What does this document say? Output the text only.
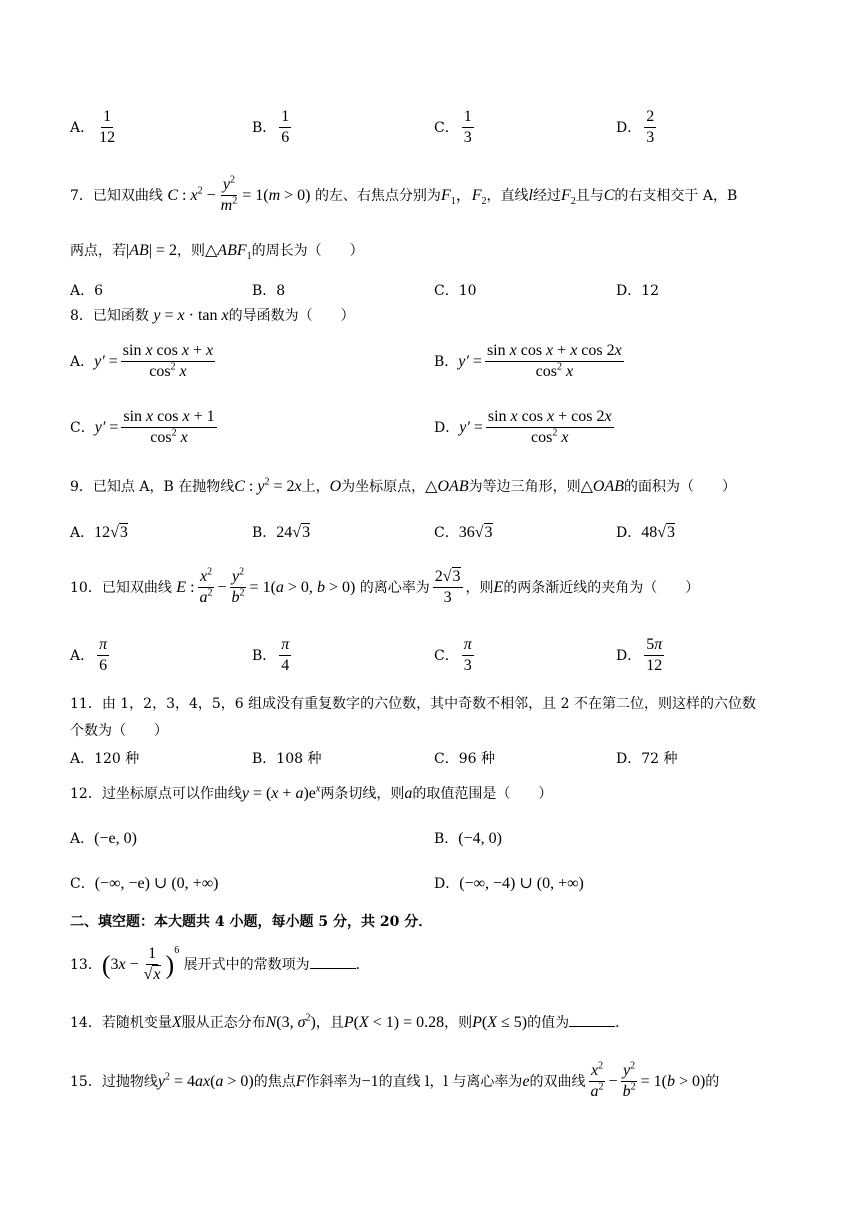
A． $\frac{1}{12}$	B． $\frac{1}{6}$	C． $\frac{1}{3}$	D． $\frac{2}{3}$
7．已知双曲线 C : $x^2 - \frac{y^2}{m^2} = 1(m > 0)$ 的左、右焦点分别为$F_1$，$F_2$，直线l经过$F_2$且与C的右支相交于 A，B
两点，若|AB| = 2，则$\triangle ABF_1$的周长为（　　）
A．6	B．8	C．10	D．12
8．已知函数 y = x · tan x的导函数为（　　）
A．$y' = \frac{\text{sin x cos x + x}}{\cos^2 x}$	B．$y' = \frac{\text{sin x cos x + x cos 2x}}{\cos^2 x}$
C．$y' = \frac{\text{sin x cos x + 1}}{\cos^2 x}$	D．$y' = \frac{\text{sin x cos x + cos 2x}}{\cos^2 x}$
9．已知点 A，B 在抛物线C : $y^2 = 2x$上，O为坐标原点，△OAB为等边三角形，则△OAB的面积为（　　）
A．12√3	B．24√3	C．36√3	D．48√3
10．已知双曲线 E : $\frac{x^2}{a^2} - \frac{y^2}{b^2} = 1(a > 0$, b > 0) 的离心率为 $\frac{2√3}{3}$ ，则E的两条渐近线的夹角为（　　）
A． $\frac{\pi}{6}$	B． $\frac{\pi}{4}$	C． $\frac{\pi}{3}$	D． $\frac{5\pi}{12}$
11．由 1，2，3，4，5，6 组成没有重复数字的六位数，其中奇数不相邻，且 2 不在第二位，则这样的六位数
个数为（　　）
A．120 种	B．108 种	C．96 种	D．72 种
12．过坐标原点可以作曲线$y = (x + a)e^x$两条切线，则a的取值范围是（　　）
A．(−e, 0)	B．(−4, 0)
C．(−∞, −e) ∪ (0, +∞)	D．(−∞, −4) ∪ (0, +∞)
二、填空题：本大题共 4 小题，每小题 5 分，共 20 分．
13．$(3x - \frac{1}{√x} )^6$ 展开式中的常数项为	．
14．若随机变量X服从正态分布N(3, $\sigma^2$)，且P(X < 1) = 0.28，则P(X ≤ 5)的值为	．
15．过抛物线$y^2 = 4ax(a > 0)$的焦点F作斜率为−1的直线 l，l 与离心率为e的双曲线 $\frac{x^2}{a^2} - \frac{y^2}{b^2} = 1(b > 0)$的
